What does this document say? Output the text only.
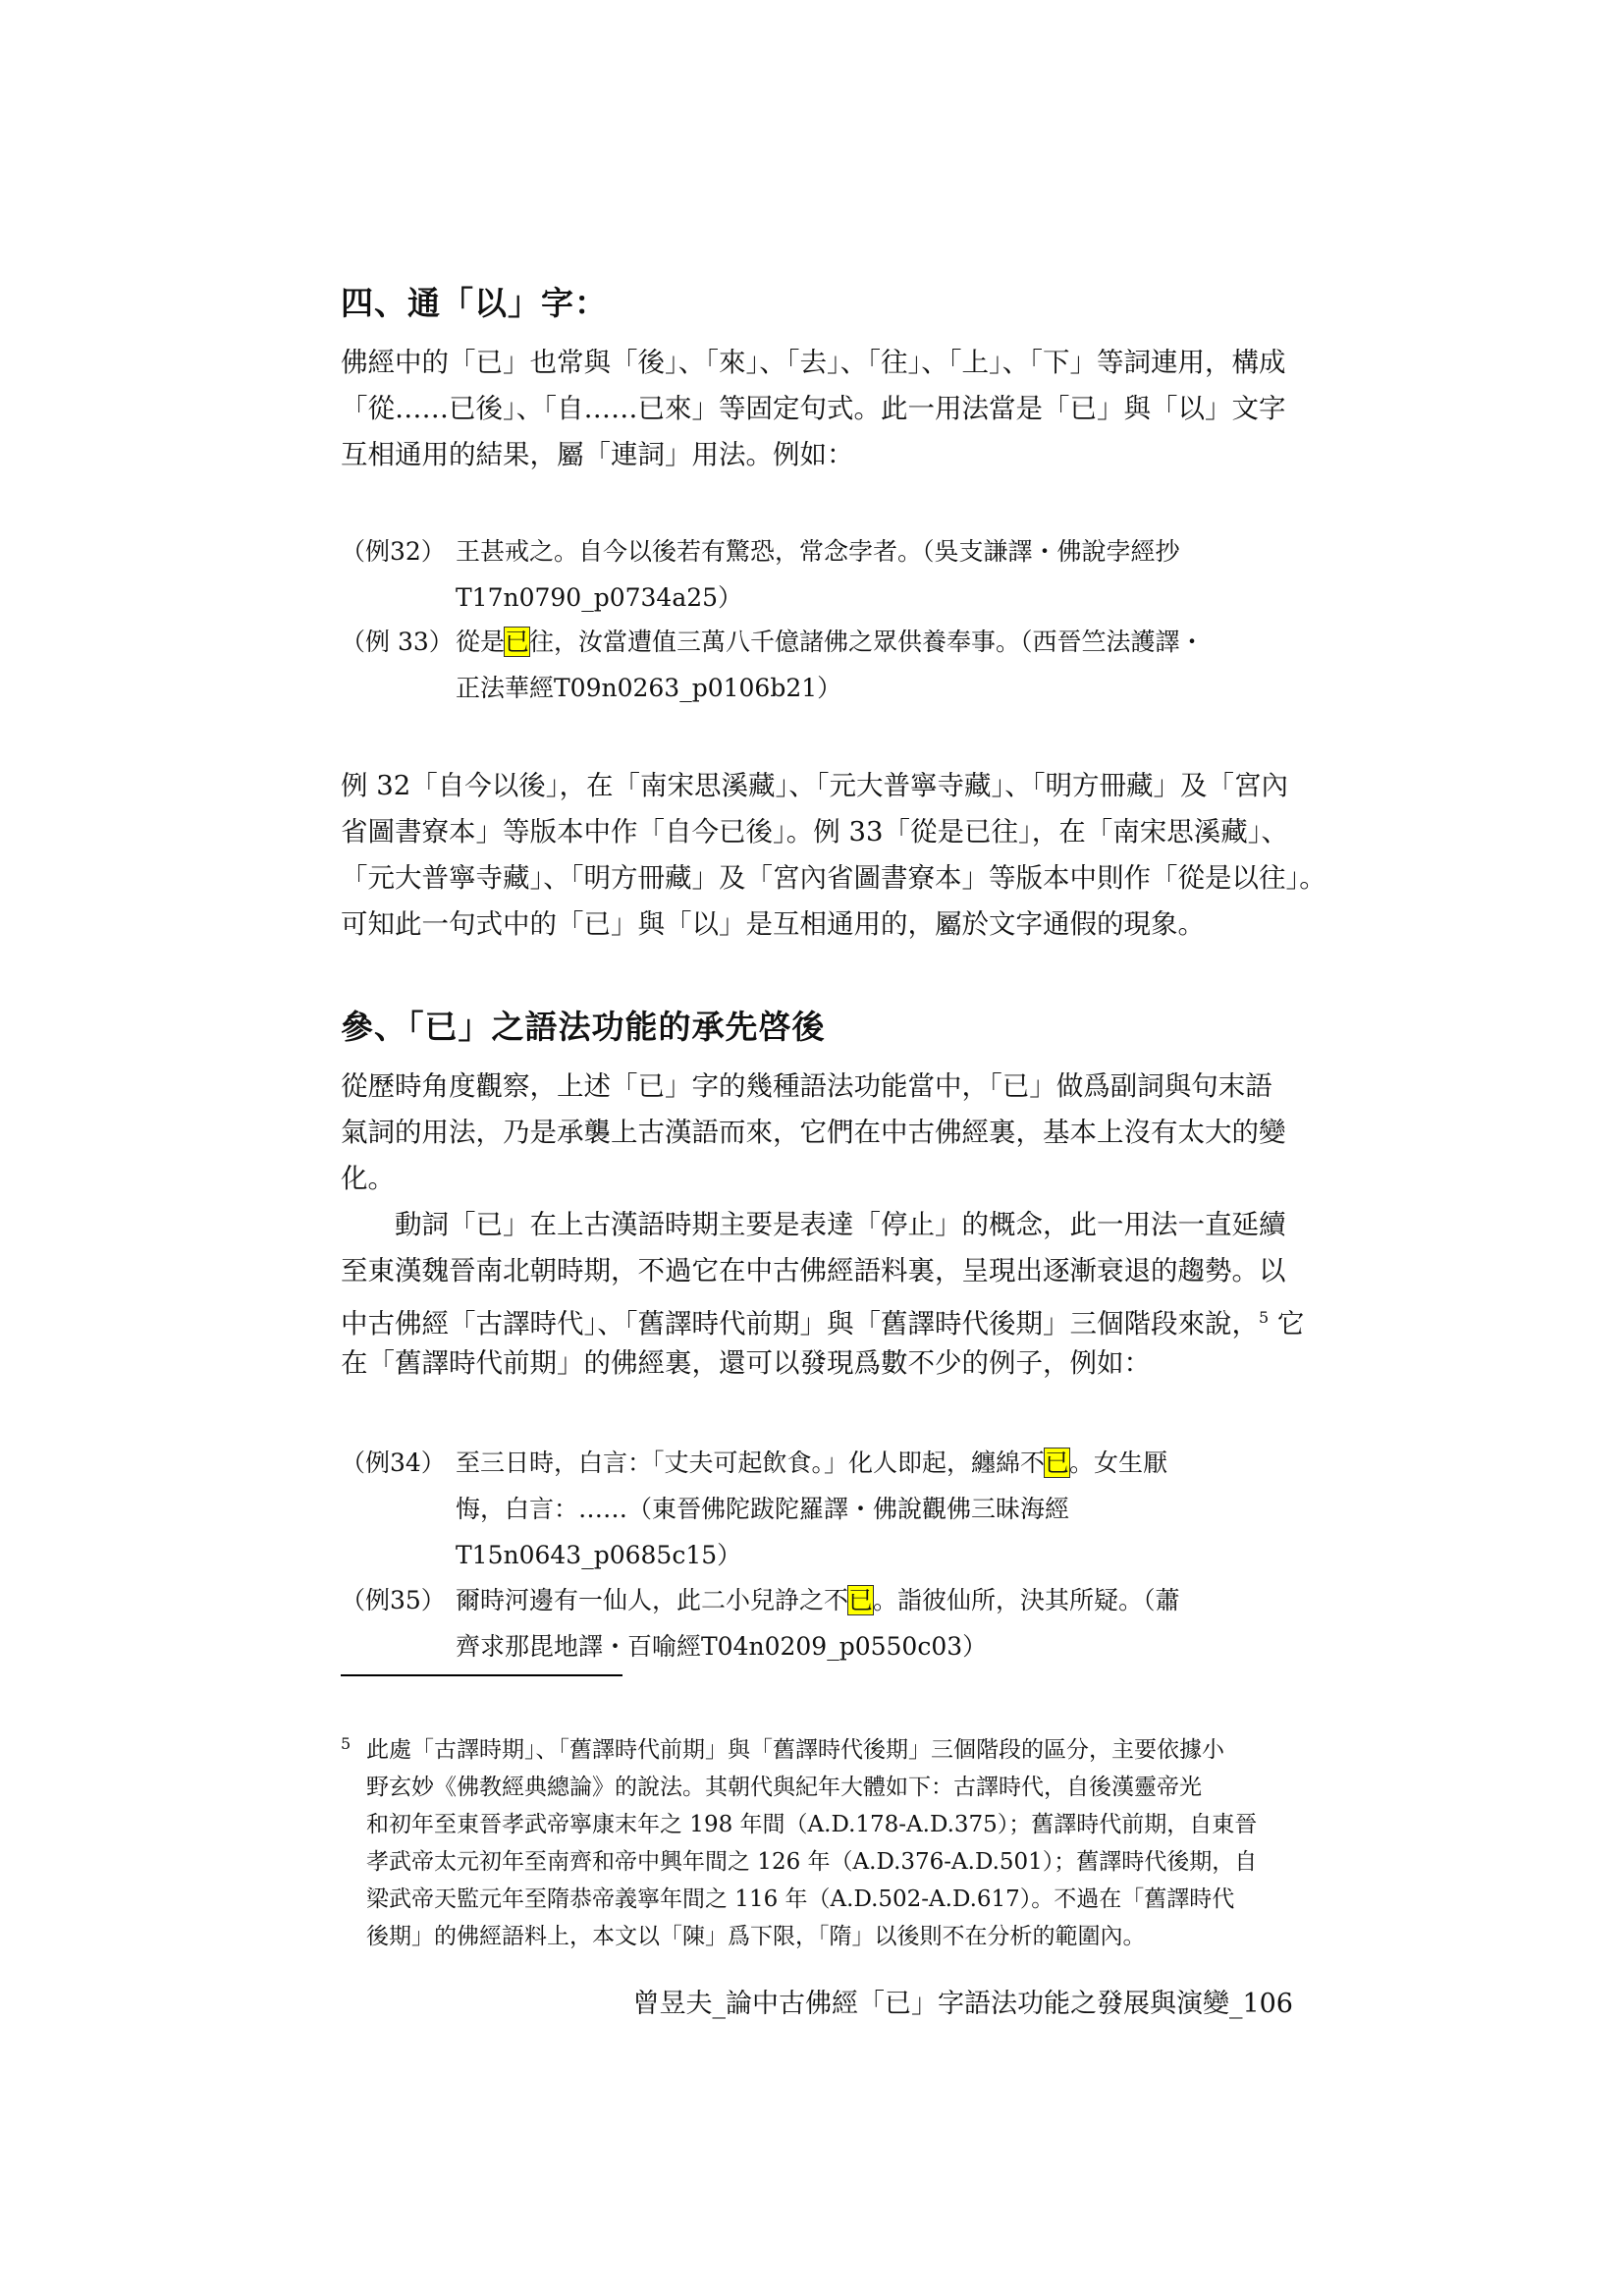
四、通「以」字：

佛經中的「已」也常與「後」、「來」、「去」、「往」、「上」、「下」等詞連用，構成
「從……已後」、「自……已來」等固定句式。此一用法當是「已」與「以」文字
互相通用的結果，屬「連詞」用法。例如：

（例32） 王甚戒之。自今以後若有驚恐，常念孛者。（吳支謙譯・佛說孛經抄
T17n0790_p0734a25）
（例 33） 從是已往，汝當遭值三萬八千億諸佛之眾供養奉事。（西晉竺法護譯・
正法華經T09n0263_p0106b21）

例 32「自今以後」，在「南宋思溪藏」、「元大普寧寺藏」、「明方冊藏」及「宮內
省圖書寮本」等版本中作「自今已後」。例 33「從是已往」，在「南宋思溪藏」、
「元大普寧寺藏」、「明方冊藏」及「宮內省圖書寮本」等版本中則作「從是以往」。
可知此一句式中的「已」與「以」是互相通用的，屬於文字通假的現象。

參、「已」之語法功能的承先啓後

從歷時角度觀察，上述「已」字的幾種語法功能當中，「已」做爲副詞與句末語
氣詞的用法，乃是承襲上古漢語而來，它們在中古佛經裏，基本上沒有太大的變
化。

動詞「已」在上古漢語時期主要是表達「停止」的概念，此一用法一直延續
至東漢魏晉南北朝時期，不過它在中古佛經語料裏，呈現出逐漸衰退的趨勢。以
中古佛經「古譯時代」、「舊譯時代前期」與「舊譯時代後期」三個階段來說，$^5$ 它
在「舊譯時代前期」的佛經裏，還可以發現爲數不少的例子，例如：

（例34） 至三日時，白言：「丈夫可起飲食。」化人即起，纏綿不已。女生厭
悔，白言：……（東晉佛陀跋陀羅譯・佛說觀佛三昧海經
T15n0643_p0685c15）
（例35） 爾時河邊有一仙人，此二小兒諍之不已。詣彼仙所，決其所疑。（蕭
齊求那毘地譯・百喻經T04n0209_p0550c03）
5 此處「古譯時期」、「舊譯時代前期」與「舊譯時代後期」三個階段的區分，主要依據小
野玄妙《佛教經典總論》的說法。其朝代與紀年大體如下：古譯時代，自後漢靈帝光
和初年至東晉孝武帝寧康末年之 198 年間（A.D.178-A.D.375）；舊譯時代前期，自東晉
孝武帝太元初年至南齊和帝中興年間之 126 年（A.D.376-A.D.501）；舊譯時代後期，自
梁武帝天監元年至隋恭帝義寧年間之 116 年（A.D.502-A.D.617）。不過在「舊譯時代
後期」的佛經語料上，本文以「陳」爲下限，「隋」以後則不在分析的範圍內。
曾昱夫_論中古佛經「已」字語法功能之發展與演變_106
